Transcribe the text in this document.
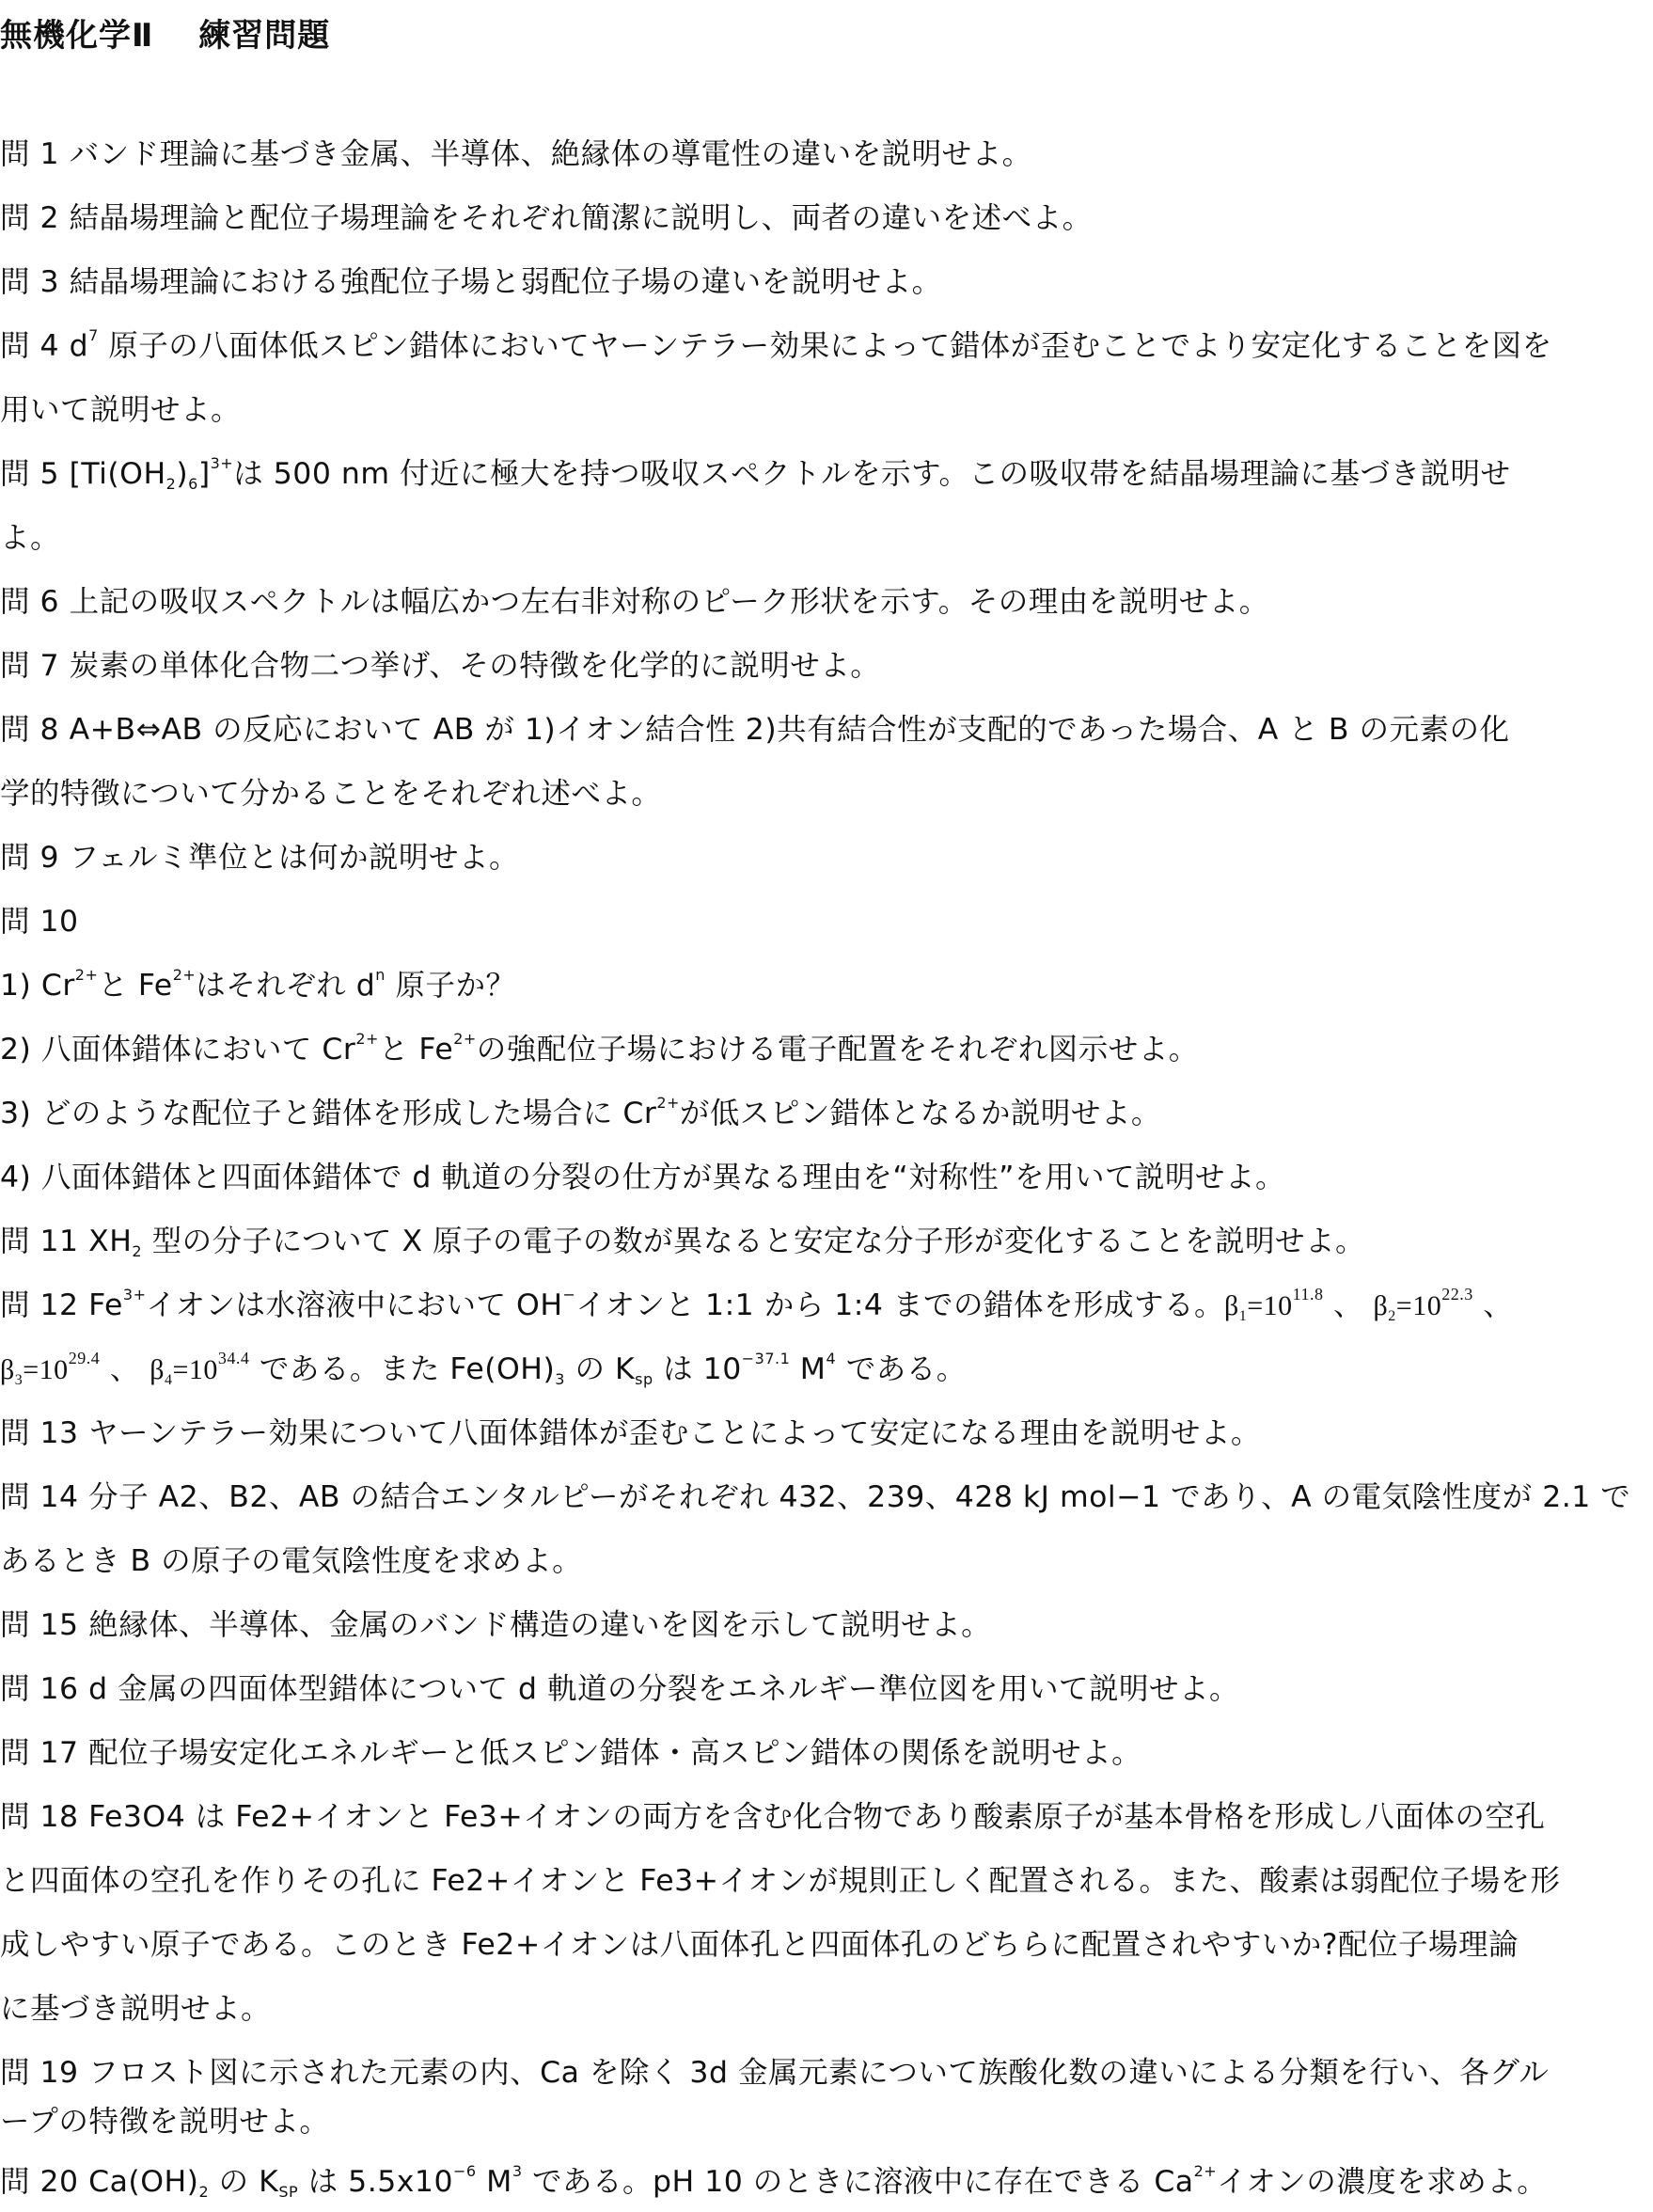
無機化学Ⅱ　 練習問題
問 1 バンド理論に基づき金属、半導体、絶縁体の導電性の違いを説明せよ。
問 2 結晶場理論と配位子場理論をそれぞれ簡潔に説明し、両者の違いを述べよ。
問 3 結晶場理論における強配位子場と弱配位子場の違いを説明せよ。
問 4 $d^7$ 原子の八面体低スピン錯体においてヤーンテラー効果によって錯体が歪むことでより安定化することを図を
用いて説明せよ。
問 5 $[Ti(OH_2)_6]^{3+}$は 500 nm 付近に極大を持つ吸収スペクトルを示す。この吸収帯を結晶場理論に基づき説明せ
よ。
問 6 上記の吸収スペクトルは幅広かつ左右非対称のピーク形状を示す。その理由を説明せよ。
問 7 炭素の単体化合物二つ挙げ、その特徴を化学的に説明せよ。
問 8 A+B⇔AB の反応において AB が 1)イオン結合性 2)共有結合性が支配的であった場合、A と B の元素の化
学的特徴について分かることをそれぞれ述べよ。
問 9 フェルミ準位とは何か説明せよ。
問 10
1) $Cr^{2+}$と $Fe^{2+}$はそれぞれ $d^n$ 原子か？
2) 八面体錯体において $Cr^{2+}$と $Fe^{2+}$の強配位子場における電子配置をそれぞれ図示せよ。
3) どのような配位子と錯体を形成した場合に $Cr^{2+}$が低スピン錯体となるか説明せよ。
4) 八面体錯体と四面体錯体で d 軌道の分裂の仕方が異なる理由を“対称性”を用いて説明せよ。
問 11 $XH_2$ 型の分子について X 原子の電子の数が異なると安定な分子形が変化することを説明せよ。
問 12 $Fe^{3+}$イオンは水溶液中において OH−イオンと 1:1 から 1:4 までの錯体を形成する。$\beta_1=10^{11.8}$ 、 $\beta_2=10^{22.3}$ 、
$\beta_3=10^{29.4}$ 、 $\beta_4=10^{34.4}$ である。また $Fe(OH)_3$ の $K_{sp}$ は $10^{-37.1}$ $M^4$ である。
問 13 ヤーンテラー効果について八面体錯体が歪むことによって安定になる理由を説明せよ。
問 14 分子 A2、B2、AB の結合エンタルピーがそれぞれ 432、239、428 kJ mol−1 であり、A の電気陰性度が 2.1 で
あるとき B の原子の電気陰性度を求めよ。
問 15 絶縁体、半導体、金属のバンド構造の違いを図を示して説明せよ。
問 16 d 金属の四面体型錯体について d 軌道の分裂をエネルギー準位図を用いて説明せよ。
問 17 配位子場安定化エネルギーと低スピン錯体・高スピン錯体の関係を説明せよ。
問 18 Fe3O4 は Fe2+イオンと Fe3+イオンの両方を含む化合物であり酸素原子が基本骨格を形成し八面体の空孔
と四面体の空孔を作りその孔に Fe2+イオンと Fe3+イオンが規則正しく配置される。また、酸素は弱配位子場を形
成しやすい原子である。このとき Fe2+イオンは八面体孔と四面体孔のどちらに配置されやすいか?配位子場理論
に基づき説明せよ。
問 19 フロスト図に示された元素の内、Ca を除く 3d 金属元素について族酸化数の違いによる分類を行い、各グル
ープの特徴を説明せよ。
問 20 $Ca(OH)_2$ の $K_{SP}$ は $5.5x10^{-6}$ $M^3$ である。pH 10 のときに溶液中に存在できる $Ca^{2+}$イオンの濃度を求めよ。
